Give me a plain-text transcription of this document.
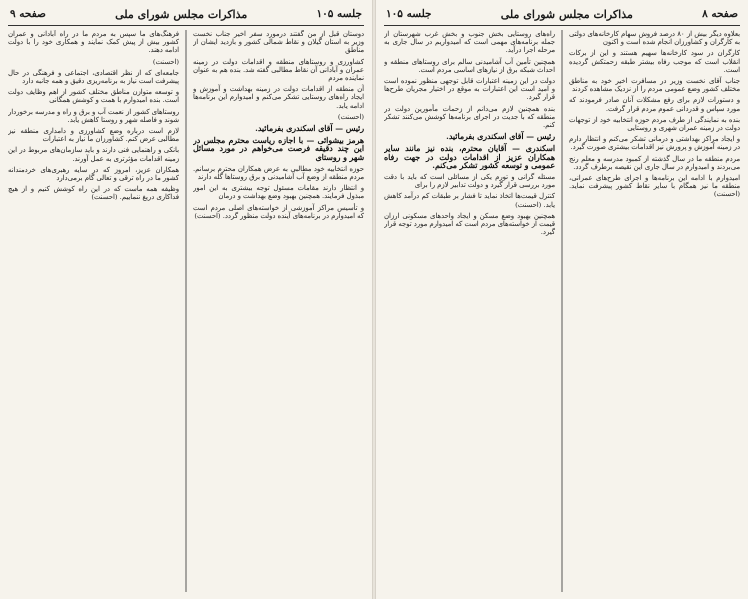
جلسه ۱۰۵
مذاکرات مجلس شورای ملی
صفحه ۹

دوستان قبل از من گفتند درمورد سفر اخیر جناب نخست وزیر به استان گیلان و نقاط شمالی کشور و بازدید ایشان از مناطق

کشاورزی و روستاهای منطقه و اقدامات دولت در زمینه عمران و آبادانی آن نقاط مطالبی گفته شد. بنده هم به عنوان نماینده مردم

آن منطقه از اقدامات دولت در زمینه بهداشت و آموزش و ایجاد راه‌های روستایی تشکر می‌کنم و امیدوارم این برنامه‌ها ادامه یابد.

(احسنت)

رئیس — آقای اسکندری بفرمائید.

هرمز بیشوائی — با اجازه ریاست محترم مجلس در این چند دقیقه فرصت می‌خواهم در مورد مسائل شهر و روستای

حوزه انتخابیه خود مطالبی به عرض همکاران محترم برسانم. مردم منطقه از وضع آب آشامیدنی و برق روستاها گله دارند

و انتظار دارند مقامات مسئول توجه بیشتری به این امور مبذول فرمایند. همچنین بهبود وضع بهداشت و درمان

و تأسیس مراکز آموزشی از خواسته‌های اصلی مردم است که امیدوارم در برنامه‌های آینده دولت منظور گردد. (احسنت)

فرهنگ‌های ما سپس به مردم ما در راه آبادانی و عمران کشور بیش از پیش کمک نمایند و همکاری خود را با دولت ادامه دهند.

(احسنت)

جامعه‌ای که از نظر اقتصادی، اجتماعی و فرهنگی در حال پیشرفت است نیاز به برنامه‌ریزی دقیق و همه جانبه دارد

و توسعه متوازن مناطق مختلف کشور از اهم وظایف دولت است. بنده امیدوارم با همت و کوشش همگانی

روستاهای کشور از نعمت آب و برق و راه و مدرسه برخوردار شوند و فاصله شهر و روستا کاهش یابد.

لازم است درباره وضع کشاورزی و دامداری منطقه نیز مطالبی عرض کنم. کشاورزان ما نیاز به اعتبارات

بانکی و راهنمایی فنی دارند و باید سازمان‌های مربوط در این زمینه اقدامات مؤثرتری به عمل آورند.

همکاران عزیز، امروز که در سایه رهبری‌های خردمندانه کشور ما در راه ترقی و تعالی گام برمی‌دارد

وظیفه همه ماست که در این راه کوشش کنیم و از هیچ فداکاری دریغ ننماییم. (احسنت)

صفحه ۸
مذاکرات مجلس شورای ملی
جلسه ۱۰۵

بعلاوه دیگر بیش از ۸۰ درصد فروش سهام کارخانه‌های دولتی به کارگران و کشاورزان انجام شده است و اکنون

کارگران در سود کارخانه‌ها سهیم هستند و این از برکات انقلاب است که موجب رفاه بیشتر طبقه زحمتکش گردیده است.

جناب آقای نخست وزیر در مسافرت اخیر خود به مناطق مختلف کشور وضع عمومی مردم را از نزدیک مشاهده کردند

و دستورات لازم برای رفع مشکلات آنان صادر فرمودند که مورد سپاس و قدردانی عموم مردم قرار گرفت.

بنده به نمایندگی از طرف مردم حوزه انتخابیه خود از توجهات دولت در زمینه عمران شهری و روستایی

و ایجاد مراکز بهداشتی و درمانی تشکر می‌کنم و انتظار دارم در زمینه آموزش و پرورش نیز اقدامات بیشتری صورت گیرد.

مردم منطقه ما در سال گذشته از کمبود مدرسه و معلم رنج می‌بردند و امیدوارم در سال جاری این نقیصه برطرف گردد.

امیدوارم با ادامه این برنامه‌ها و اجرای طرح‌های عمرانی، منطقه ما نیز همگام با سایر نقاط کشور پیشرفت نماید. (احسنت)

راه‌های روستایی بخش جنوب و بخش غرب شهرستان از جمله برنامه‌های مهمی است که امیدواریم در سال جاری به مرحله اجرا درآید.

همچنین تأمین آب آشامیدنی سالم برای روستاهای منطقه و احداث شبکه برق از نیازهای اساسی مردم است.

دولت در این زمینه اعتبارات قابل توجهی منظور نموده است و امید است این اعتبارات به موقع در اختیار مجریان طرح‌ها قرار گیرد.

بنده همچنین لازم می‌دانم از زحمات مأمورین دولت در منطقه که با جدیت در اجرای برنامه‌ها کوشش می‌کنند تشکر کنم.

رئیس — آقای اسکندری بفرمائید.

اسکندری — آقایان محترم، بنده نیز مانند سایر همکاران عزیز از اقدامات دولت در جهت رفاه عمومی و توسعه کشور تشکر می‌کنم.

مسئله گرانی و تورم یکی از مسائلی است که باید با دقت مورد بررسی قرار گیرد و دولت تدابیر لازم را برای

کنترل قیمت‌ها اتخاذ نماید تا فشار بر طبقات کم درآمد کاهش یابد. (احسنت)

همچنین بهبود وضع مسکن و ایجاد واحدهای مسکونی ارزان قیمت از خواسته‌های مردم است که امیدوارم مورد توجه قرار گیرد.
